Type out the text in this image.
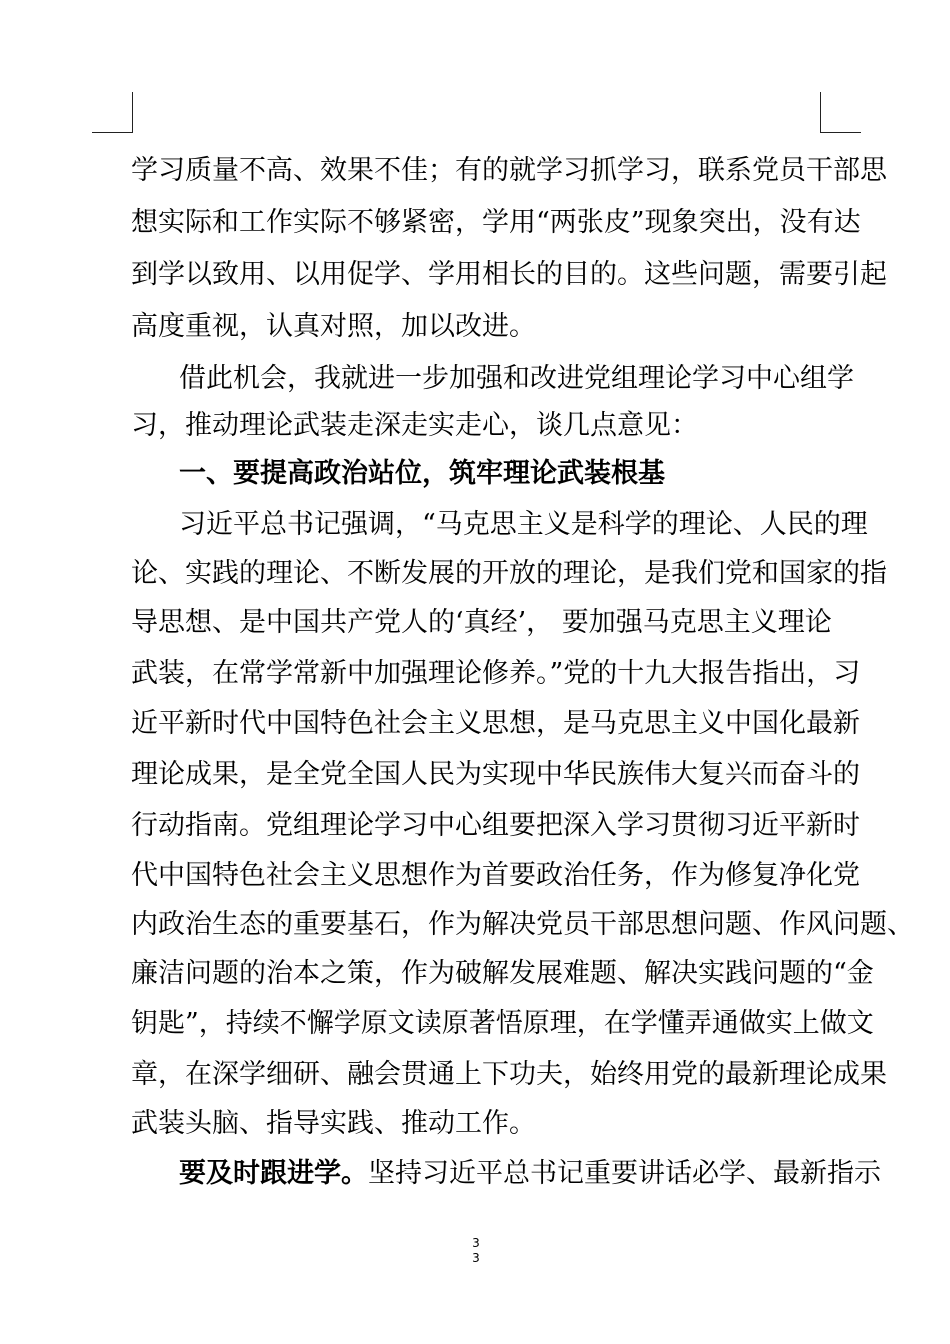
学习质量不高、效果不佳；有的就学习抓学习，联系党员干部思
想实际和工作实际不够紧密，学用“两张皮”现象突出，没有达
到学以致用、以用促学、学用相长的目的。这些问题，需要引起
高度重视，认真对照，加以改进。
借此机会，我就进一步加强和改进党组理论学习中心组学
习，推动理论武装走深走实走心，谈几点意见：
一、要提高政治站位，筑牢理论武装根基
习近平总书记强调，“马克思主义是科学的理论、人民的理
论、实践的理论、不断发展的开放的理论，是我们党和国家的指
导思想、是中国共产党人的‘真经’， 要加强马克思主义理论
武装，在常学常新中加强理论修养。”党的十九大报告指出，习
近平新时代中国特色社会主义思想，是马克思主义中国化最新
理论成果，是全党全国人民为实现中华民族伟大复兴而奋斗的
行动指南。党组理论学习中心组要把深入学习贯彻习近平新时
代中国特色社会主义思想作为首要政治任务，作为修复净化党
内政治生态的重要基石，作为解决党员干部思想问题、作风问题、
廉洁问题的治本之策，作为破解发展难题、解决实践问题的“金
钥匙”，持续不懈学原文读原著悟原理，在学懂弄通做实上做文
章，在深学细研、融会贯通上下功夫，始终用党的最新理论成果
武装头脑、指导实践、推动工作。
要及时跟进学。坚持习近平总书记重要讲话必学、最新指示
3
3
